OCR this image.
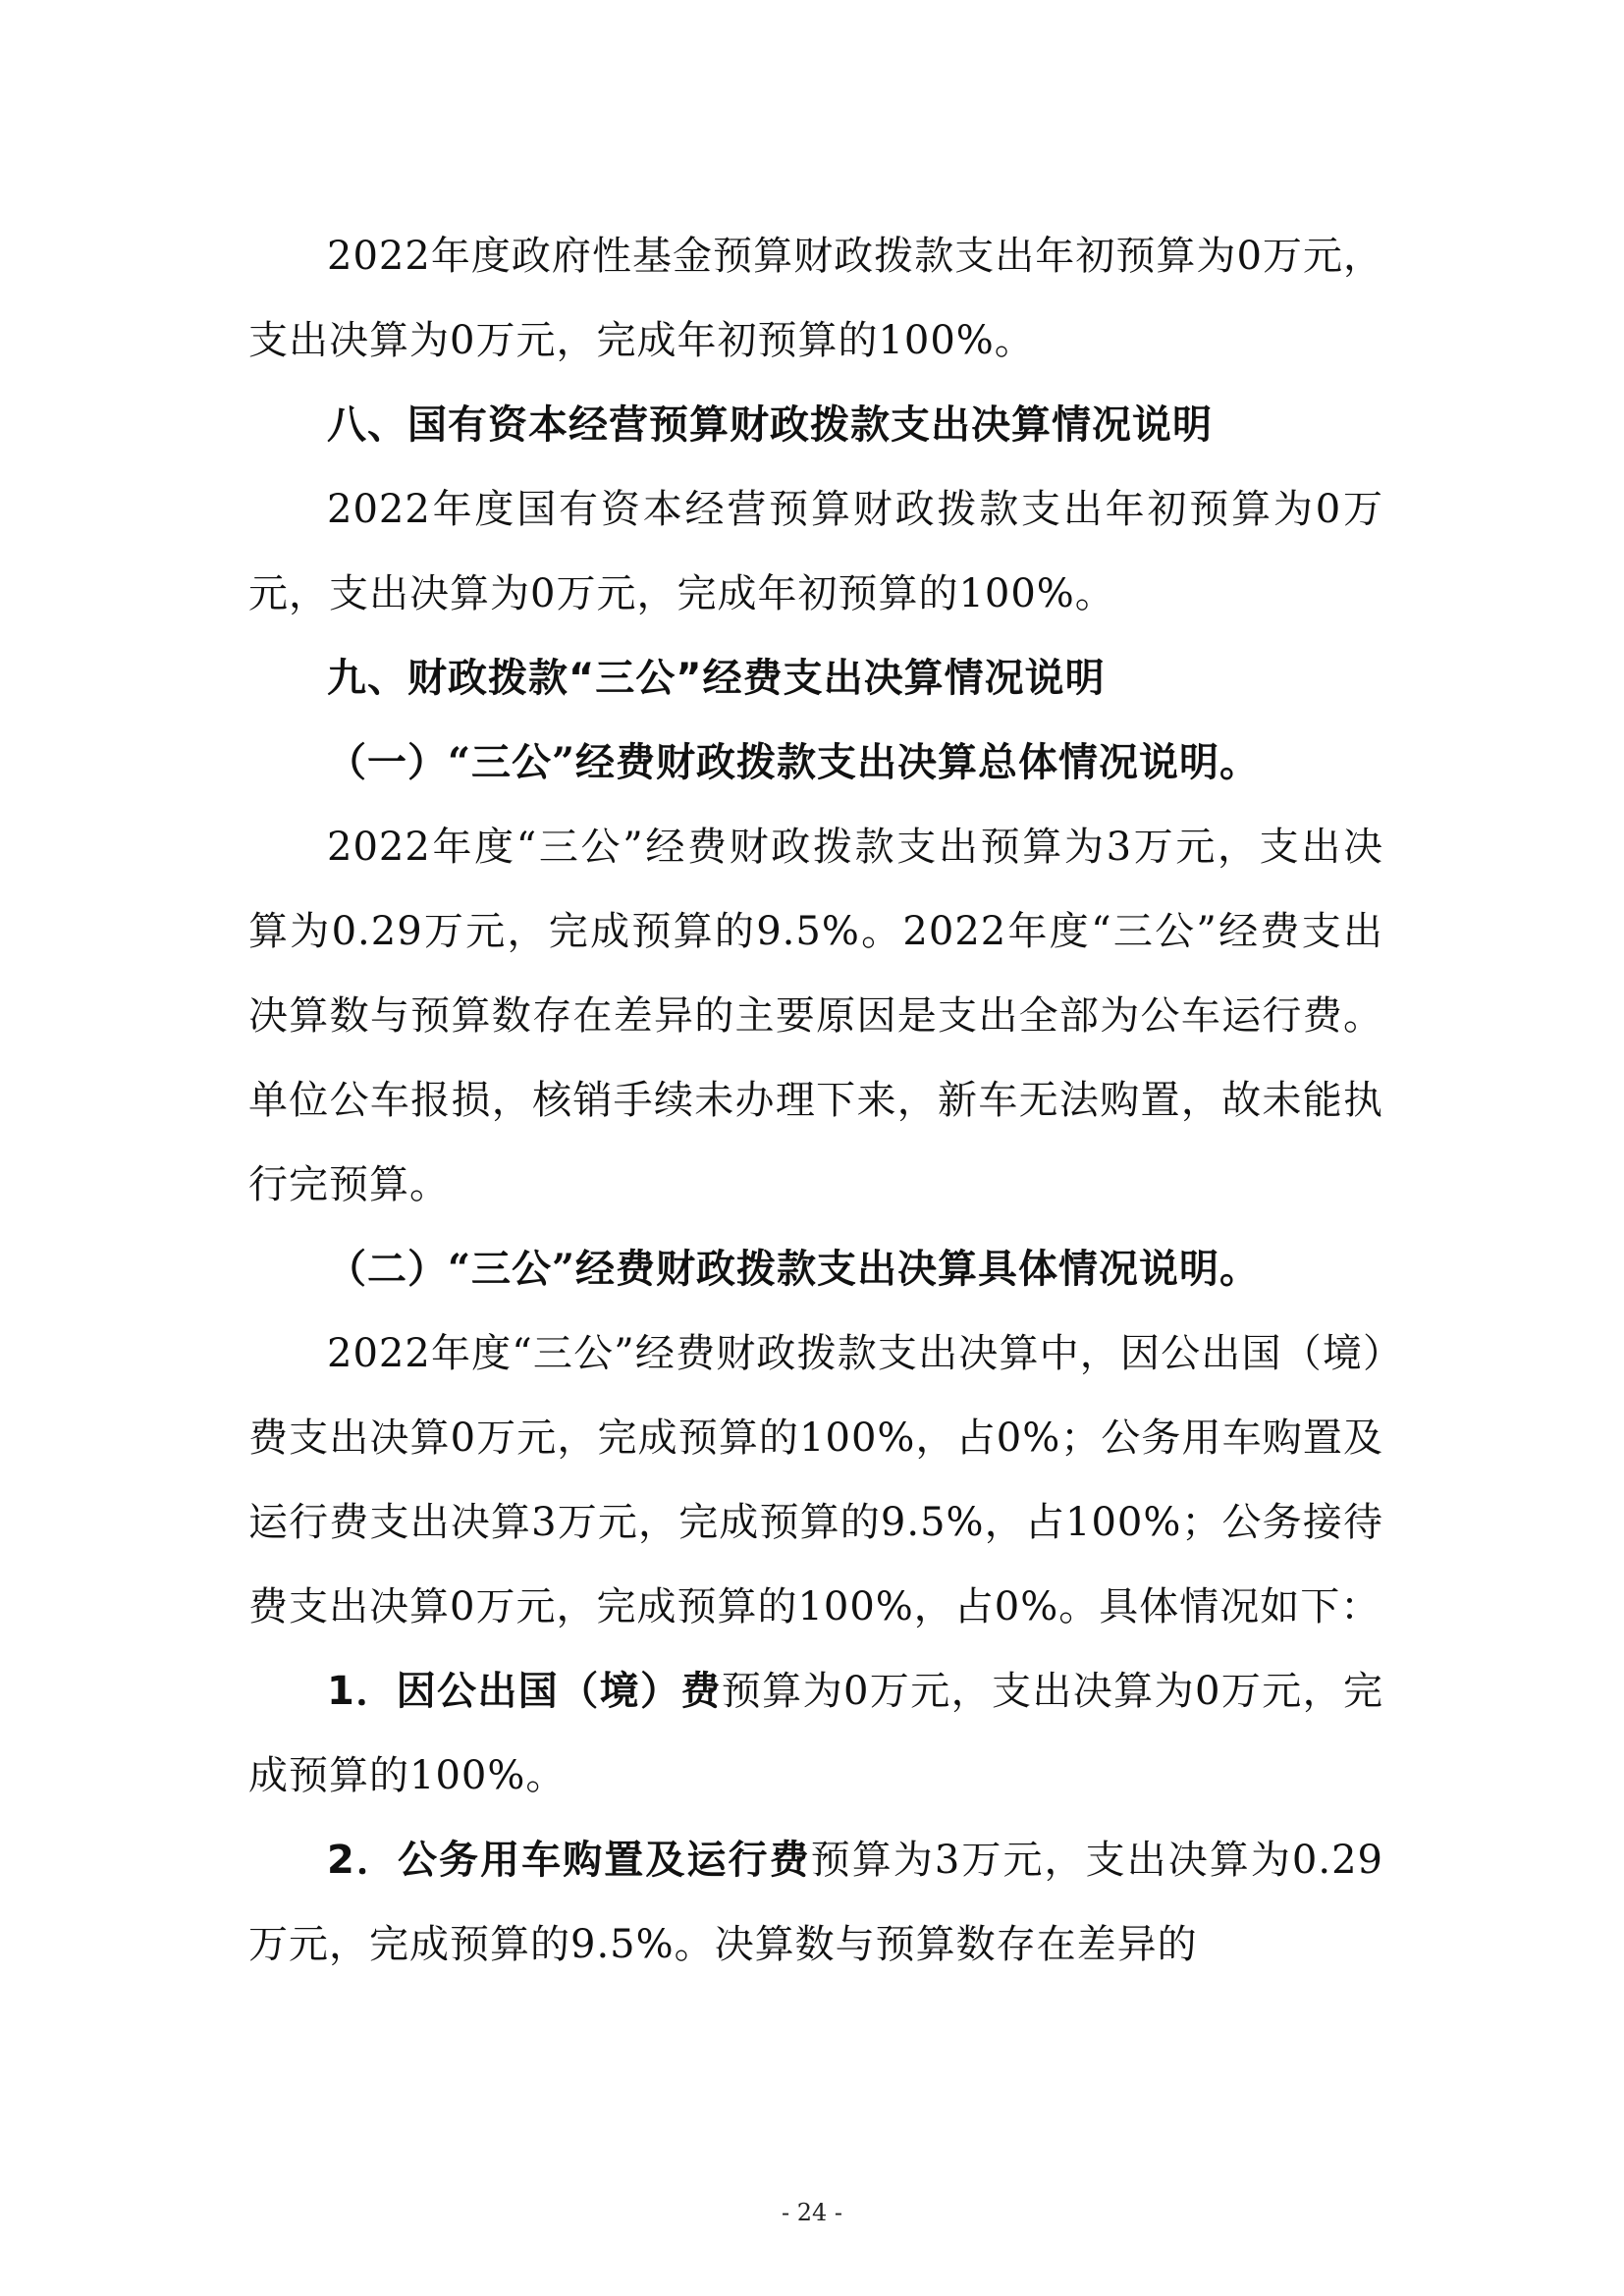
2022年度政府性基金预算财政拨款支出年初预算为0万元，支出决算为0万元，完成年初预算的100%。

八、国有资本经营预算财政拨款支出决算情况说明

2022年度国有资本经营预算财政拨款支出年初预算为0万元，支出决算为0万元，完成年初预算的100%。

九、财政拨款“三公”经费支出决算情况说明

（一）“三公”经费财政拨款支出决算总体情况说明。

2022年度“三公”经费财政拨款支出预算为3万元，支出决算为0.29万元，完成预算的9.5%。2022年度“三公”经费支出决算数与预算数存在差异的主要原因是支出全部为公车运行费。单位公车报损，核销手续未办理下来，新车无法购置，故未能执行完预算。

（二）“三公”经费财政拨款支出决算具体情况说明。

2022年度“三公”经费财政拨款支出决算中，因公出国（境）费支出决算0万元，完成预算的100%，占0%；公务用车购置及运行费支出决算3万元，完成预算的9.5%，占100%；公务接待费支出决算0万元，完成预算的100%，占0%。具体情况如下：

1．因公出国（境）费预算为0万元，支出决算为0万元，完成预算的100%。

2．公务用车购置及运行费预算为3万元，支出决算为0.29万元，完成预算的9.5%。决算数与预算数存在差异的

- 24 -
